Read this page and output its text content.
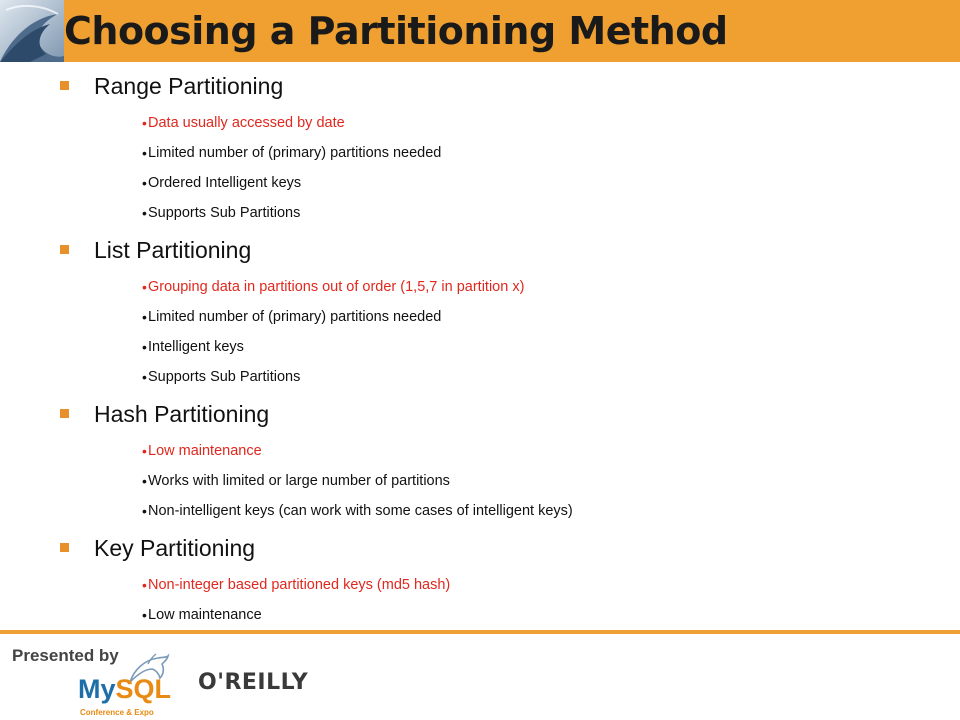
Choosing a Partitioning Method
Range Partitioning
• Data usually accessed by date
• Limited number of (primary) partitions needed
• Ordered Intelligent keys
• Supports Sub Partitions
List Partitioning
• Grouping data in partitions out of order (1,5,7 in partition x)
• Limited number of (primary) partitions needed
• Intelligent keys
• Supports Sub Partitions
Hash Partitioning
• Low maintenance
• Works with limited or large number of partitions
• Non-intelligent keys (can work with some cases of intelligent keys)
Key Partitioning
• Non-integer based partitioned keys (md5 hash)
• Low maintenance
Presented by
MySQL
Conference & Expo
O'REILLY
